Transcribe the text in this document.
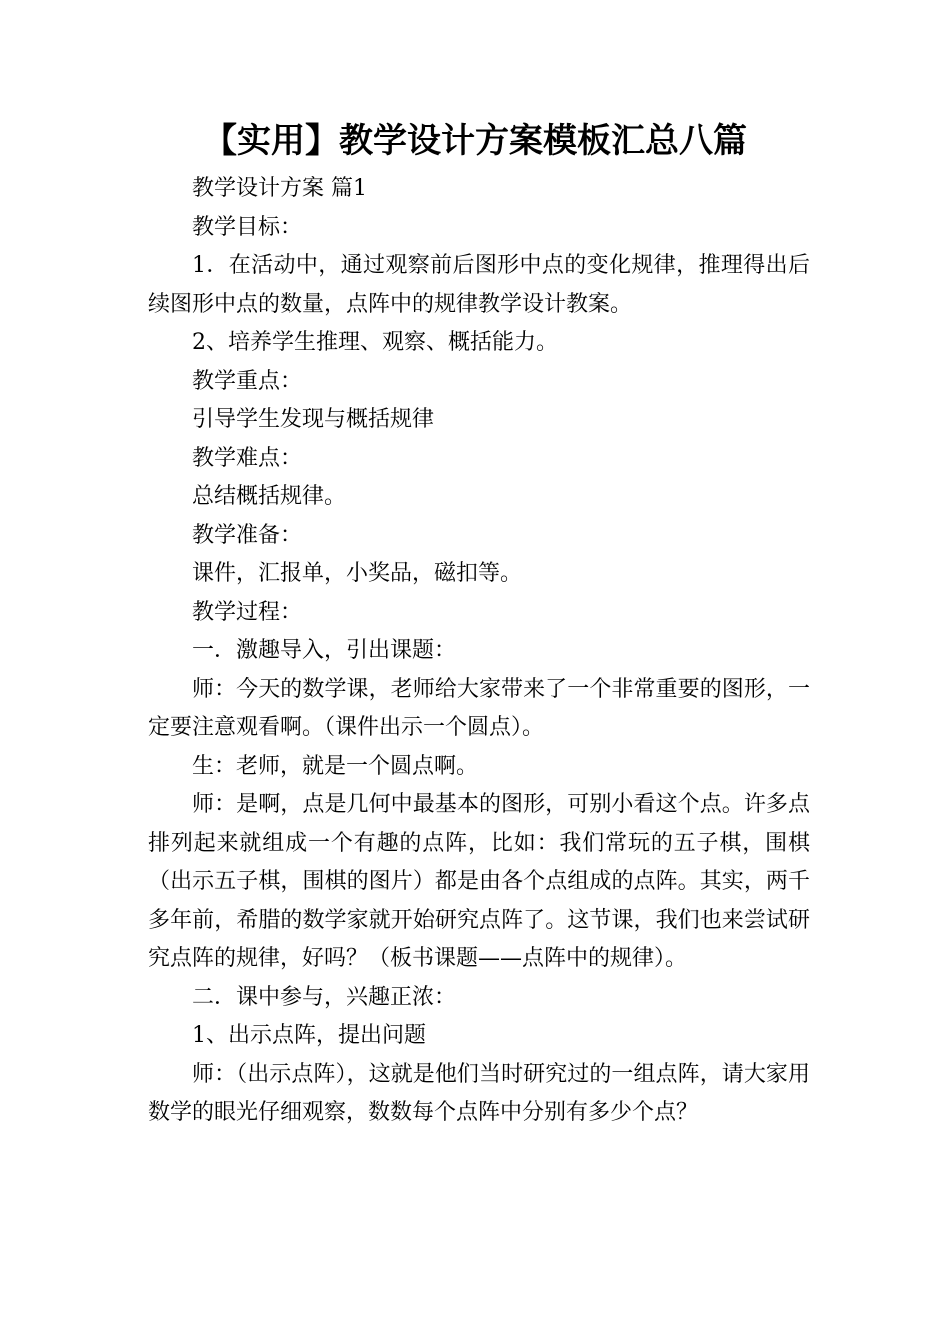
【实用】教学设计方案模板汇总八篇

教学设计方案 篇1

教学目标：

1．在活动中，通过观察前后图形中点的变化规律，推理得出后续图形中点的数量，点阵中的规律教学设计教案。

2、培养学生推理、观察、概括能力。

教学重点：

引导学生发现与概括规律

教学难点：

总结概括规律。

教学准备：

课件，汇报单，小奖品，磁扣等。

教学过程：

一．激趣导入，引出课题：

师：今天的数学课，老师给大家带来了一个非常重要的图形，一定要注意观看啊。（课件出示一个圆点）。

生：老师，就是一个圆点啊。

师：是啊，点是几何中最基本的图形，可别小看这个点。许多点排列起来就组成一个有趣的点阵，比如：我们常玩的五子棋，围棋（出示五子棋，围棋的图片）都是由各个点组成的点阵。其实，两千多年前，希腊的数学家就开始研究点阵了。这节课，我们也来尝试研究点阵的规律，好吗？（板书课题——点阵中的规律）。

二．课中参与，兴趣正浓：

1、出示点阵，提出问题

师：（出示点阵），这就是他们当时研究过的一组点阵，请大家用数学的眼光仔细观察，数数每个点阵中分别有多少个点？
